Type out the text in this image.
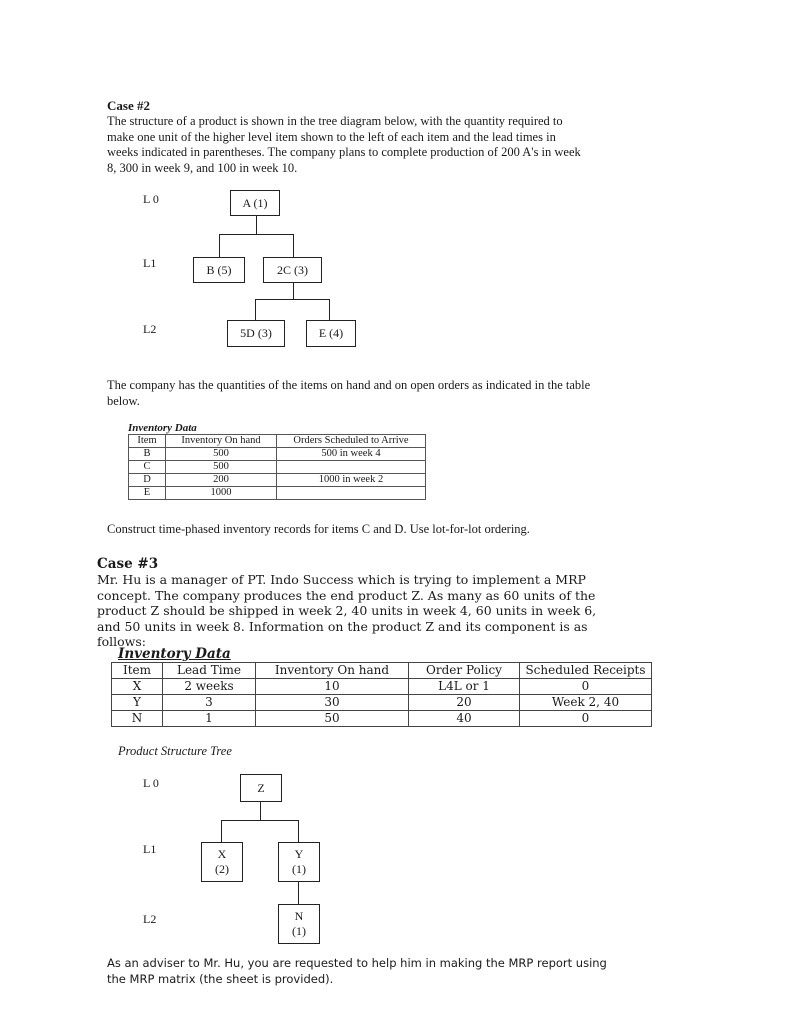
Case #2
The structure of a product is shown in the tree diagram below, with the quantity required to make one unit of the higher level item shown to the left of each item and the lead times in weeks indicated in parentheses. The company plans to complete production of 200 A's in week 8, 300 in week 9, and 100 in week 10.
L 0
L1
L2
A (1)
B (5)	2C (3)
5D (3)	E (4)
The company has the quantities of the items on hand and on open orders as indicated in the table below.
Inventory Data
Item	Inventory On hand	Orders Scheduled to Arrive
B	500	500 in week 4
C	500	
D	200	1000 in week 2
E	1000	
Construct time-phased inventory records for items C and D. Use lot-for-lot ordering.
Case #3
Mr. Hu is a manager of PT. Indo Success which is trying to implement a MRP concept. The company produces the end product Z. As many as 60 units of the product Z should be shipped in week 2, 40 units in week 4, 60 units in week 6, and 50 units in week 8. Information on the product Z and its component is as follows:
Inventory Data
Item	Lead Time	Inventory On hand	Order Policy	Scheduled Receipts
X	2 weeks	10	L4L or 1	0
Y	3	30	20	Week 2, 40
N	1	50	40	0
Product Structure Tree
L 0
L1
L2
Z
X
(2)
Y
(1)
N
(1)
As an adviser to Mr. Hu, you are requested to help him in making the MRP report using the MRP matrix (the sheet is provided).
